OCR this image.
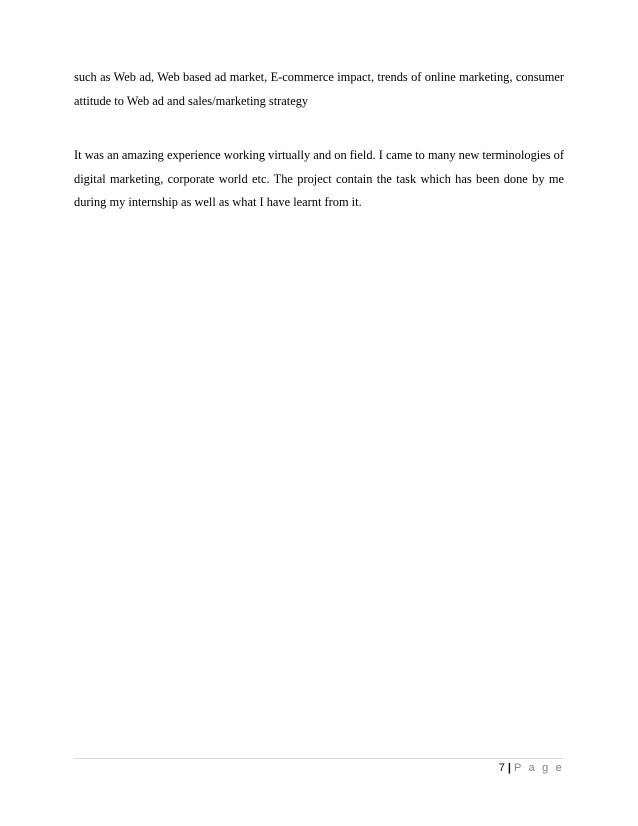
such as Web ad, Web based ad market, E-commerce impact, trends of online marketing, consumer attitude to Web ad and sales/marketing strategy

It was an amazing experience working virtually and on field. I came to many new terminologies of digital marketing, corporate world etc. The project contain the task which has been done by me during my internship as well as what I have learnt from it.

7 | P a g e
